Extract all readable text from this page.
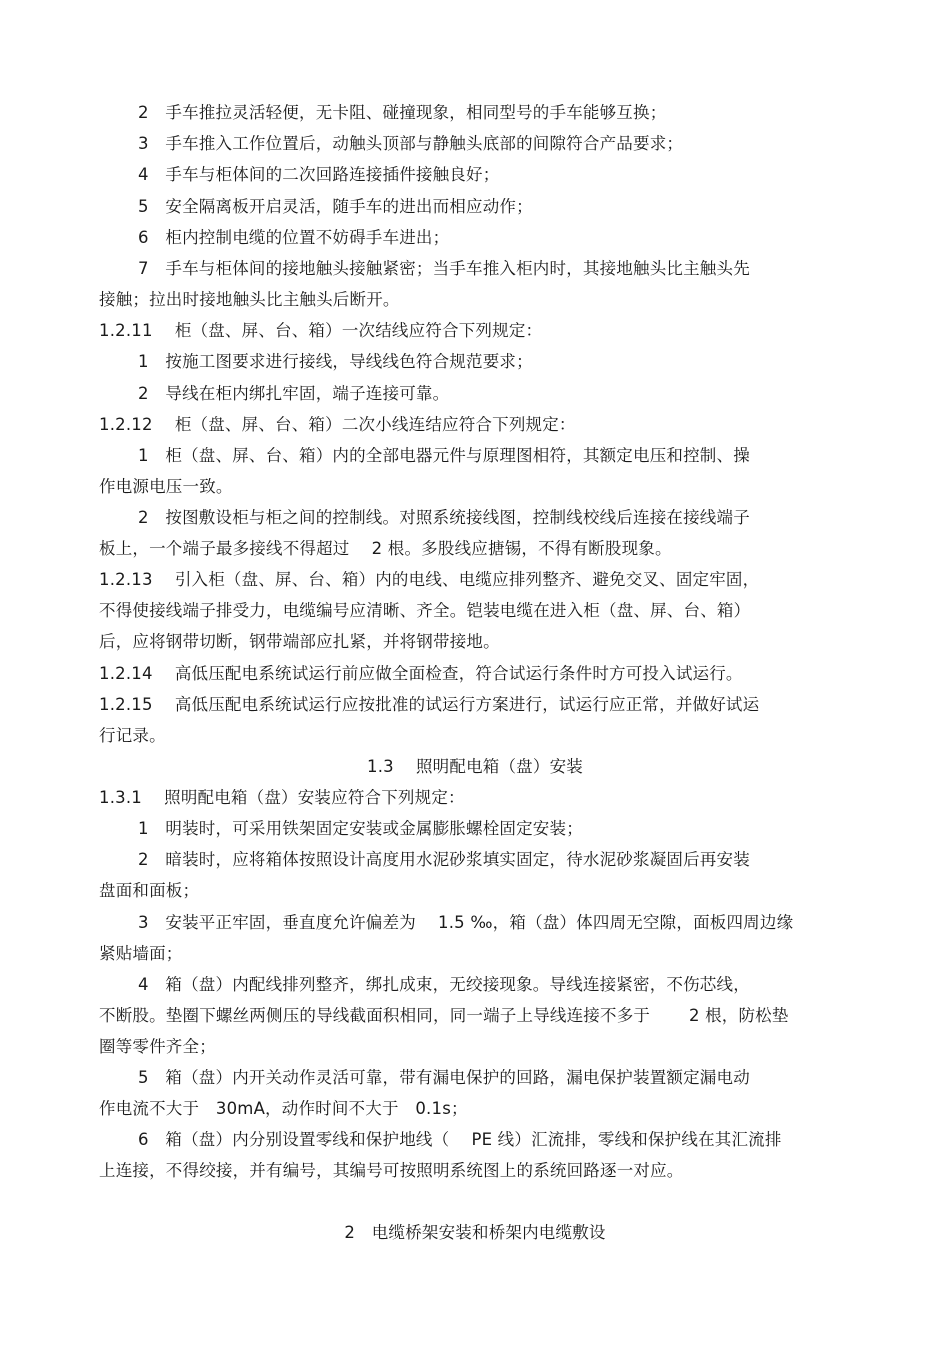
2　手车推拉灵活轻便，无卡阻、碰撞现象，相同型号的手车能够互换；
3　手车推入工作位置后，动触头顶部与静触头底部的间隙符合产品要求；
4　手车与柜体间的二次回路连接插件接触良好；
5　安全隔离板开启灵活，随手车的进出而相应动作；
6　柜内控制电缆的位置不妨碍手车进出；
7　手车与柜体间的接地触头接触紧密；当手车推入柜内时，其接地触头比主触头先
接触；拉出时接地触头比主触头后断开。
1.2.11　 柜（盘、屏、台、箱）一次结线应符合下列规定：
1　按施工图要求进行接线，导线线色符合规范要求；
2　导线在柜内绑扎牢固，端子连接可靠。
1.2.12　 柜（盘、屏、台、箱）二次小线连结应符合下列规定：
1　柜（盘、屏、台、箱）内的全部电器元件与原理图相符，其额定电压和控制、操
作电源电压一致。
2　按图敷设柜与柜之间的控制线。对照系统接线图，控制线校线后连接在接线端子
板上，一个端子最多接线不得超过　 2 根。多股线应搪锡，不得有断股现象。
1.2.13　 引入柜（盘、屏、台、箱）内的电线、电缆应排列整齐、避免交叉、固定牢固，
不得使接线端子排受力，电缆编号应清晰、齐全。铠装电缆在进入柜（盘、屏、台、箱）
后，应将钢带切断，钢带端部应扎紧，并将钢带接地。
1.2.14　 高低压配电系统试运行前应做全面检查，符合试运行条件时方可投入试运行。
1.2.15　 高低压配电系统试运行应按批准的试运行方案进行，试运行应正常，并做好试运
行记录。
1.3　 照明配电箱（盘）安装
1.3.1　 照明配电箱（盘）安装应符合下列规定：
1　明装时，可采用铁架固定安装或金属膨胀螺栓固定安装；
2　暗装时，应将箱体按照设计高度用水泥砂浆填实固定，待水泥砂浆凝固后再安装
盘面和面板；
3　安装平正牢固，垂直度允许偏差为　 1.5 ‰，箱（盘）体四周无空隙，面板四周边缘
紧贴墙面；
4　箱（盘）内配线排列整齐，绑扎成束，无绞接现象。导线连接紧密，不伤芯线，
不断股。垫圈下螺丝两侧压的导线截面积相同，同一端子上导线连接不多于　　 2 根，防松垫
圈等零件齐全；
5　箱（盘）内开关动作灵活可靠，带有漏电保护的回路，漏电保护装置额定漏电动
作电流不大于　30mA，动作时间不大于　0.1s；
6　箱（盘）内分别设置零线和保护地线（　 PE 线）汇流排，零线和保护线在其汇流排
上连接，不得绞接，并有编号，其编号可按照明系统图上的系统回路逐一对应。
2　电缆桥架安装和桥架内电缆敷设
